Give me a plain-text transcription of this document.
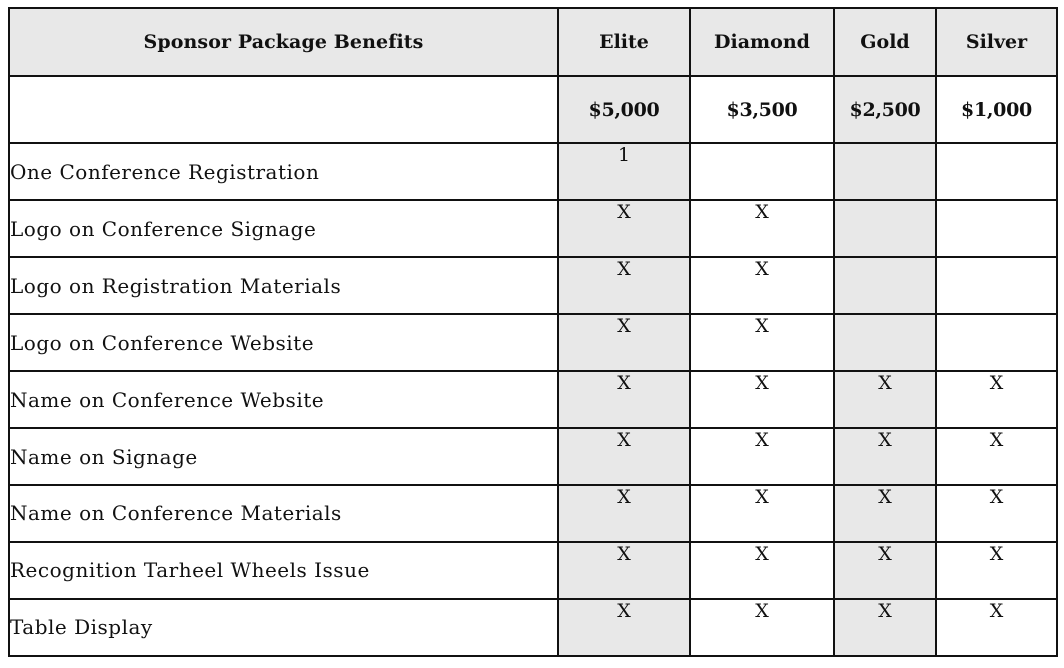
Sponsor Package Benefits	Elite	Diamond	Gold	Silver
	$5,000	$3,500	$2,500	$1,000
One Conference Registration	1			
Logo on Conference Signage	X	X		
Logo on Registration Materials	X	X		
Logo on Conference Website	X	X		
Name on Conference Website	X	X	X	X
Name on Signage	X	X	X	X
Name on Conference Materials	X	X	X	X
Recognition Tarheel Wheels Issue	X	X	X	X
Table Display	X	X	X	X
